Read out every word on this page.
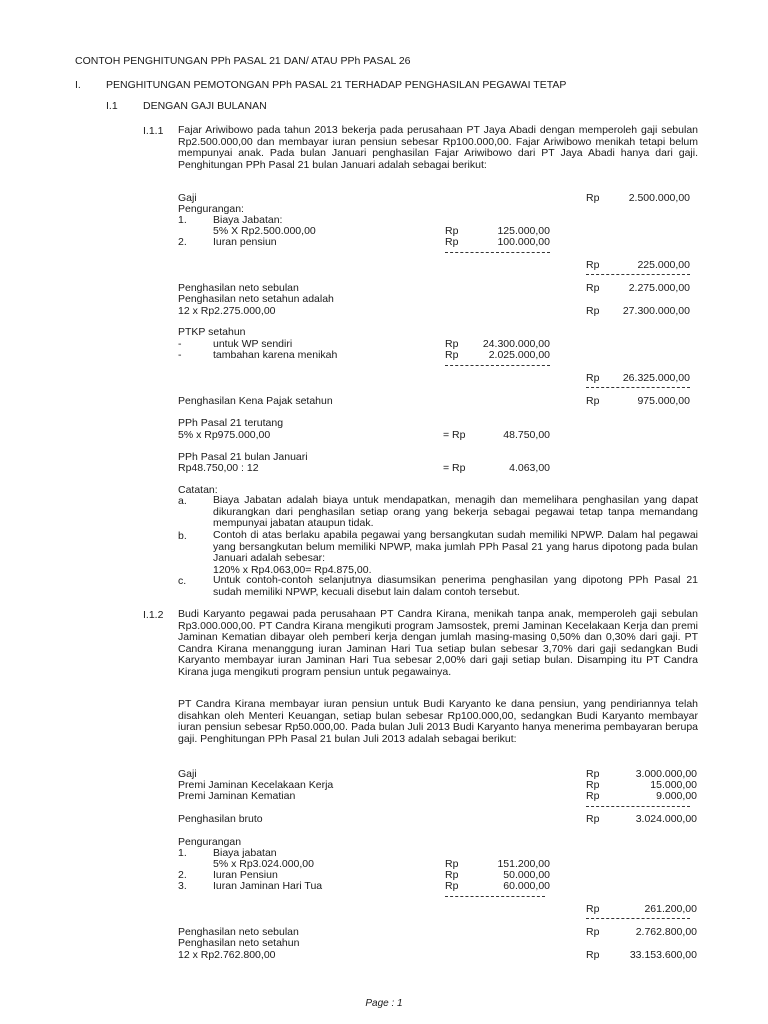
CONTOH PENGHITUNGAN PPh PASAL 21 DAN/ ATAU PPh PASAL 26
I. PENGHITUNGAN PEMOTONGAN PPh PASAL 21 TERHADAP PENGHASILAN PEGAWAI TETAP
I.1 DENGAN GAJI BULANAN
I.1.1 Fajar Ariwibowo pada tahun 2013 bekerja pada perusahaan PT Jaya Abadi dengan memperoleh gaji sebulan Rp2.500.000,00 dan membayar iuran pensiun sebesar Rp100.000,00. Fajar Ariwibowo menikah tetapi belum mempunyai anak. Pada bulan Januari penghasilan Fajar Ariwibowo dari PT Jaya Abadi hanya dari gaji. Penghitungan PPh Pasal 21 bulan Januari adalah sebagai berikut:
Gaji	Rp	2.500.000,00
Pengurangan:
1. Biaya Jabatan:
5% X Rp2.500.000,00	Rp	125.000,00
2. Iuran pensiun	Rp	100.000,00
Rp	225.000,00
Penghasilan neto sebulan	Rp	2.275.000,00
Penghasilan neto setahun adalah
12 x Rp2.275.000,00	Rp	27.300.000,00
PTKP setahun
-	untuk WP sendiri	Rp	24.300.000,00
-	tambahan karena menikah	Rp	2.025.000,00
Rp	26.325.000,00
Penghasilan Kena Pajak setahun	Rp	975.000,00
PPh Pasal 21 terutang
5% x Rp975.000,00	= Rp	48.750,00
PPh Pasal 21 bulan Januari
Rp48.750,00 : 12	= Rp	4.063,00
Catatan:
a. Biaya Jabatan adalah biaya untuk mendapatkan, menagih dan memelihara penghasilan yang dapat dikurangkan dari penghasilan setiap orang yang bekerja sebagai pegawai tetap tanpa memandang mempunyai jabatan ataupun tidak.
b. Contoh di atas berlaku apabila pegawai yang bersangkutan sudah memiliki NPWP. Dalam hal pegawai yang bersangkutan belum memiliki NPWP, maka jumlah PPh Pasal 21 yang harus dipotong pada bulan Januari adalah sebesar:
120% x Rp4.063,00= Rp4.875,00.
c.	Untuk contoh-contoh selanjutnya diasumsikan penerima penghasilan yang dipotong PPh Pasal 21 sudah memiliki NPWP, kecuali disebut lain dalam contoh tersebut.
I.1.2 Budi Karyanto pegawai pada perusahaan PT Candra Kirana, menikah tanpa anak, memperoleh gaji sebulan Rp3.000.000,00. PT Candra Kirana mengikuti program Jamsostek, premi Jaminan Kecelakaan Kerja dan premi Jaminan Kematian dibayar oleh pemberi kerja dengan jumlah masing-masing 0,50% dan 0,30% dari gaji. PT Candra Kirana menanggung iuran Jaminan Hari Tua setiap bulan sebesar 3,70% dari gaji sedangkan Budi Karyanto membayar iuran Jaminan Hari Tua sebesar 2,00% dari gaji setiap bulan. Disamping itu PT Candra Kirana juga mengikuti program pensiun untuk pegawainya.
PT Candra Kirana membayar iuran pensiun untuk Budi Karyanto ke dana pensiun, yang pendiriannya telah disahkan oleh Menteri Keuangan, setiap bulan sebesar Rp100.000,00, sedangkan Budi Karyanto membayar iuran pensiun sebesar Rp50.000,00. Pada bulan Juli 2013 Budi Karyanto hanya menerima pembayaran berupa gaji. Penghitungan PPh Pasal 21 bulan Juli 2013 adalah sebagai berikut:
Gaji	Rp	3.000.000,00
Premi Jaminan Kecelakaan Kerja	Rp	15.000,00
Premi Jaminan Kematian	Rp	9.000,00
Penghasilan bruto	Rp	3.024.000,00
Pengurangan
1. Biaya jabatan
5% x Rp3.024.000,00	Rp	151.200,00
2. Iuran Pensiun	Rp	50.000,00
3. Iuran Jaminan Hari Tua	Rp	60.000,00
Rp	261.200,00
Penghasilan neto sebulan	Rp	2.762.800,00
Penghasilan neto setahun
12 x Rp2.762.800,00	Rp	33.153.600,00
Page : 1
